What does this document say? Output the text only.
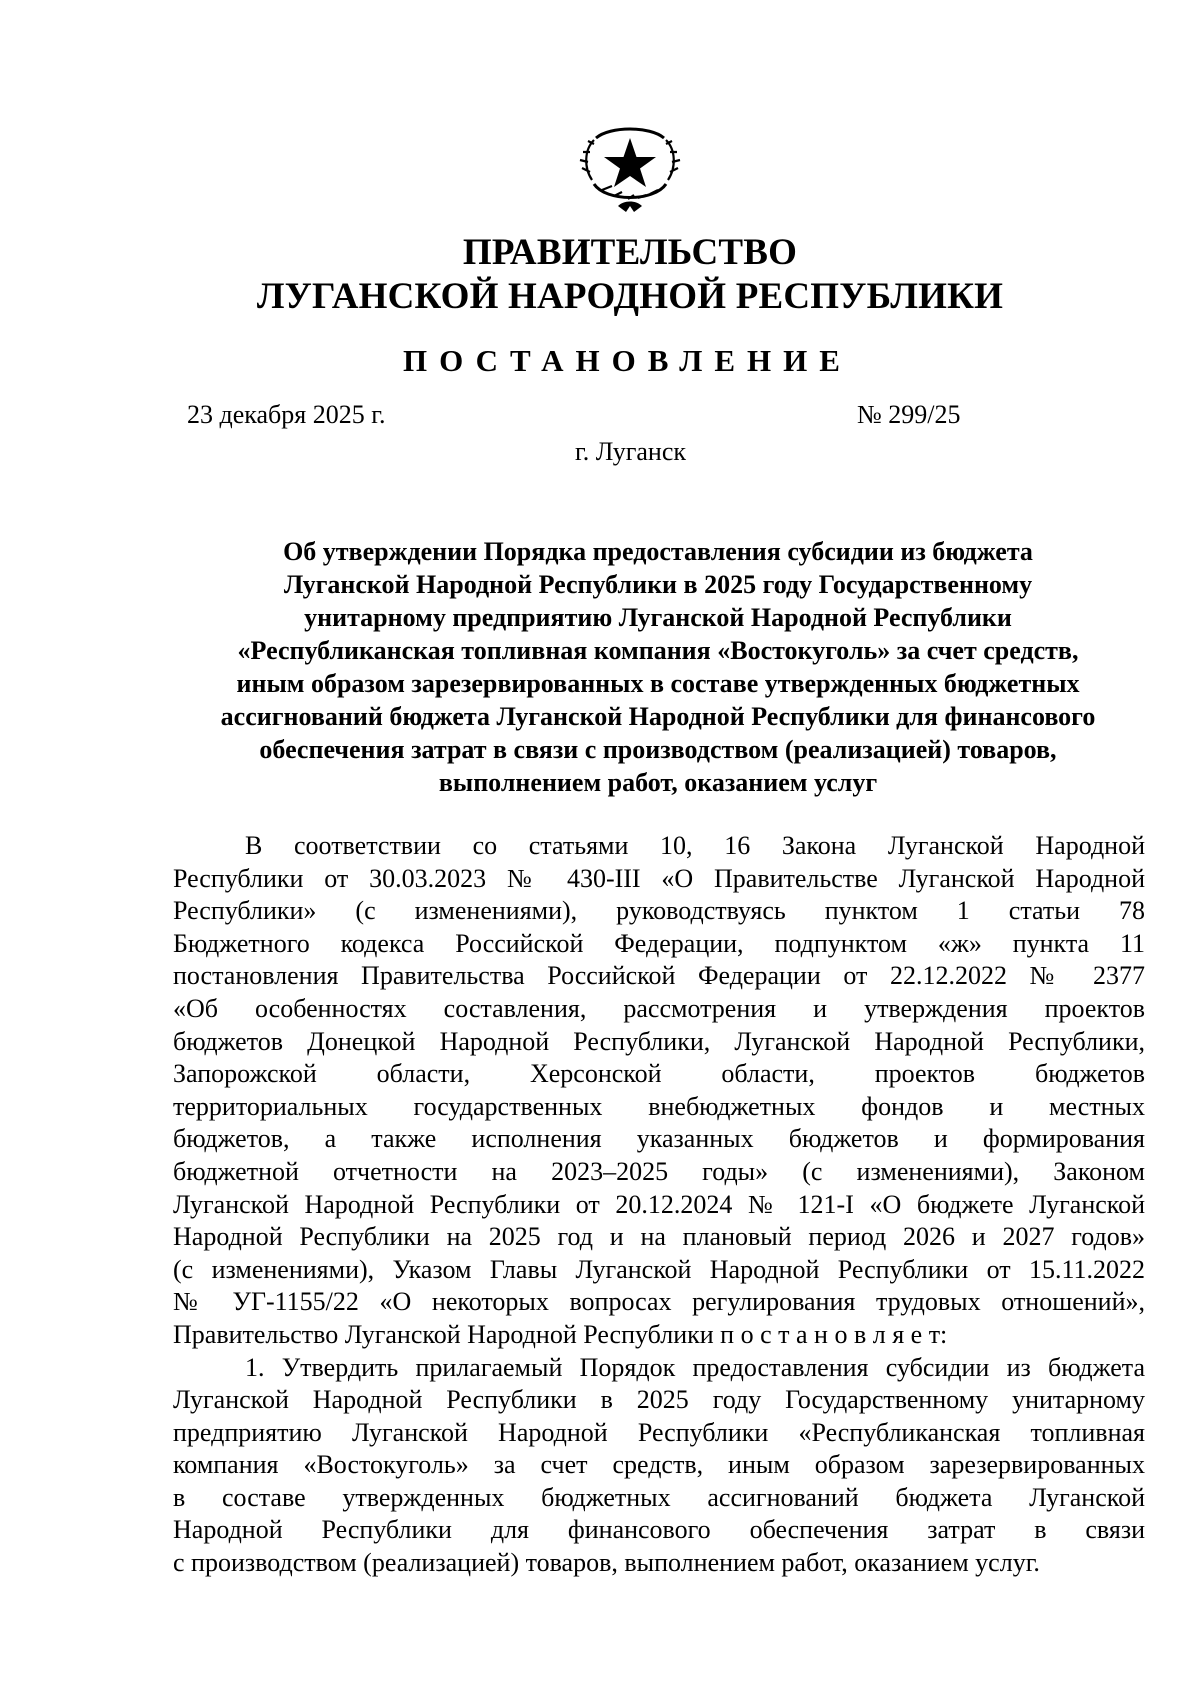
ПРАВИТЕЛЬСТВО
ЛУГАНСКОЙ НАРОДНОЙ РЕСПУБЛИКИ
ПОСТАНОВЛЕНИЕ
23 декабря 2025 г.	№ 299/25
г. Луганск
Об утверждении Порядка предоставления субсидии из бюджета
Луганской Народной Республики в 2025 году Государственному
унитарному предприятию Луганской Народной Республики
«Республиканская топливная компания «Востокуголь» за счет средств,
иным образом зарезервированных в составе утвержденных бюджетных
ассигнований бюджета Луганской Народной Республики для финансового
обеспечения затрат в связи с производством (реализацией) товаров,
выполнением работ, оказанием услуг
В соответствии со статьями 10, 16 Закона Луганской Народной
Республики от 30.03.2023 № 430-III «О Правительстве Луганской Народной
Республики» (с изменениями), руководствуясь пунктом 1 статьи 78
Бюджетного кодекса Российской Федерации, подпунктом «ж» пункта 11
постановления Правительства Российской Федерации от 22.12.2022 № 2377
«Об особенностях составления, рассмотрения и утверждения проектов
бюджетов Донецкой Народной Республики, Луганской Народной Республики,
Запорожской области, Херсонской области, проектов бюджетов
территориальных государственных внебюджетных фондов и местных
бюджетов, а также исполнения указанных бюджетов и формирования
бюджетной отчетности на 2023–2025 годы» (с изменениями), Законом
Луганской Народной Республики от 20.12.2024 № 121-I «О бюджете Луганской
Народной Республики на 2025 год и на плановый период 2026 и 2027 годов»
(с изменениями), Указом Главы Луганской Народной Республики от 15.11.2022
№ УГ-1155/22 «О некоторых вопросах регулирования трудовых отношений»,
Правительство Луганской Народной Республики п о с т а н о в л я е т:
1. Утвердить прилагаемый Порядок предоставления субсидии из бюджета
Луганской Народной Республики в 2025 году Государственному унитарному
предприятию Луганской Народной Республики «Республиканская топливная
компания «Востокуголь» за счет средств, иным образом зарезервированных
в составе утвержденных бюджетных ассигнований бюджета Луганской
Народной Республики для финансового обеспечения затрат в связи
с производством (реализацией) товаров, выполнением работ, оказанием услуг.
